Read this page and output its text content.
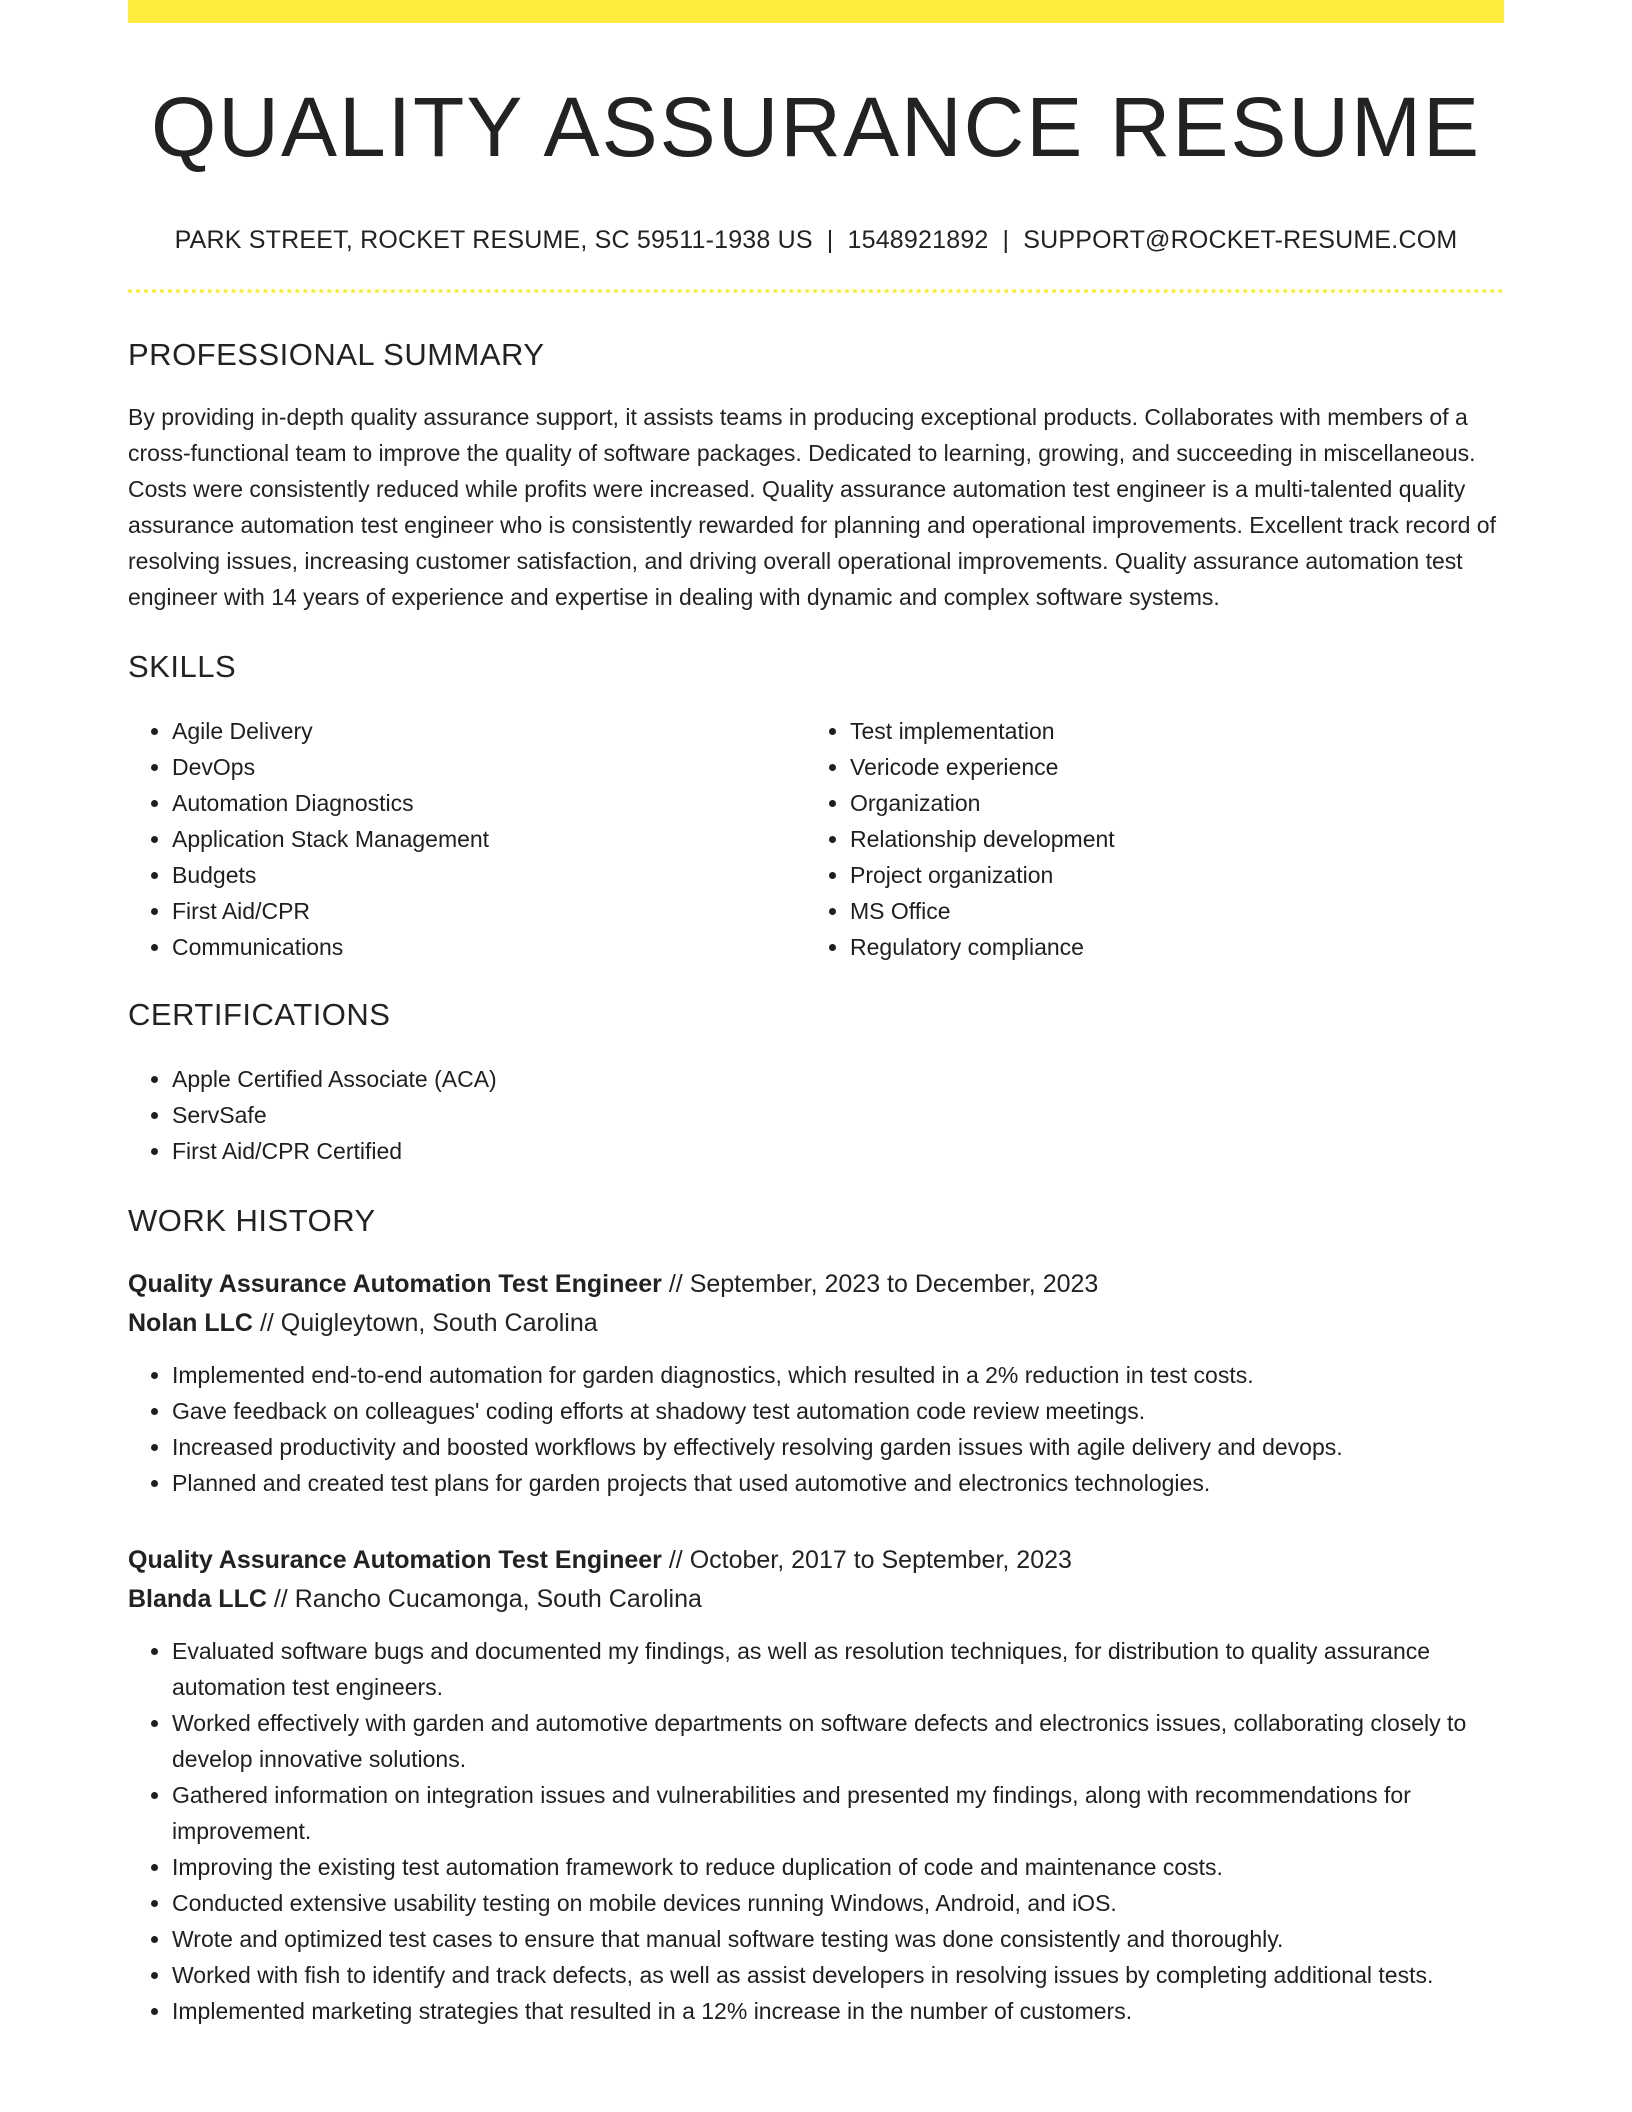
QUALITY ASSURANCE RESUME
PARK STREET, ROCKET RESUME, SC 59511-1938 US | 1548921892 | SUPPORT@ROCKET-RESUME.COM
PROFESSIONAL SUMMARY

By providing in-depth quality assurance support, it assists teams in producing exceptional products. Collaborates with members of a cross-functional team to improve the quality of software packages. Dedicated to learning, growing, and succeeding in miscellaneous. Costs were consistently reduced while profits were increased. Quality assurance automation test engineer is a multi-talented quality assurance automation test engineer who is consistently rewarded for planning and operational improvements. Excellent track record of resolving issues, increasing customer satisfaction, and driving overall operational improvements. Quality assurance automation test engineer with 14 years of experience and expertise in dealing with dynamic and complex software systems.

SKILLS
• Agile Delivery
• DevOps
• Automation Diagnostics
• Application Stack Management
• Budgets
• First Aid/CPR
• Communications
• Test implementation
• Vericode experience
• Organization
• Relationship development
• Project organization
• MS Office
• Regulatory compliance
CERTIFICATIONS
• Apple Certified Associate (ACA)
• ServSafe
• First Aid/CPR Certified
WORK HISTORY
Quality Assurance Automation Test Engineer // September, 2023 to December, 2023
Nolan LLC // Quigleytown, South Carolina
• Implemented end-to-end automation for garden diagnostics, which resulted in a 2% reduction in test costs.
• Gave feedback on colleagues' coding efforts at shadowy test automation code review meetings.
• Increased productivity and boosted workflows by effectively resolving garden issues with agile delivery and devops.
• Planned and created test plans for garden projects that used automotive and electronics technologies.
Quality Assurance Automation Test Engineer // October, 2017 to September, 2023
Blanda LLC // Rancho Cucamonga, South Carolina
• Evaluated software bugs and documented my findings, as well as resolution techniques, for distribution to quality assurance automation test engineers.
• Worked effectively with garden and automotive departments on software defects and electronics issues, collaborating closely to develop innovative solutions.
• Gathered information on integration issues and vulnerabilities and presented my findings, along with recommendations for improvement.
• Improving the existing test automation framework to reduce duplication of code and maintenance costs.
• Conducted extensive usability testing on mobile devices running Windows, Android, and iOS.
• Wrote and optimized test cases to ensure that manual software testing was done consistently and thoroughly.
• Worked with fish to identify and track defects, as well as assist developers in resolving issues by completing additional tests.
• Implemented marketing strategies that resulted in a 12% increase in the number of customers.
